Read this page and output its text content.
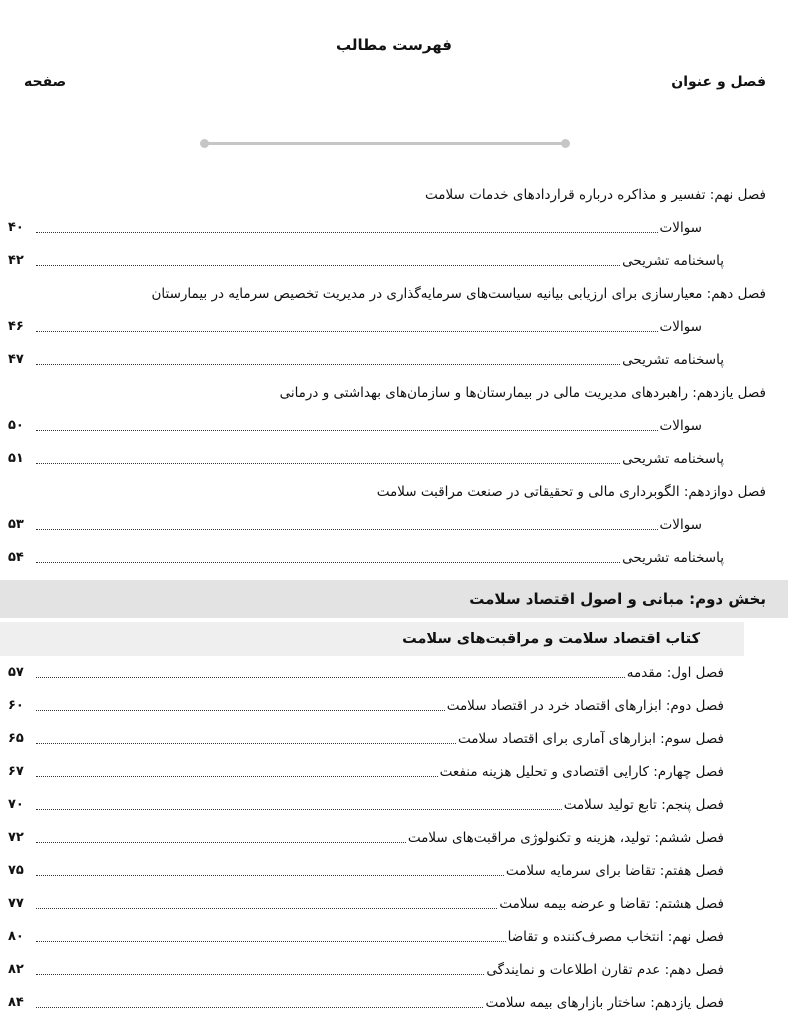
فهرست مطالب
فصل و عنوان
صفحه
فصل نهم: تفسیر و مذاکره درباره قراردادهای خدمات سلامت
سوالات
۴۰
پاسخنامه تشریحی
۴۲
فصل دهم: معیارسازی برای ارزیابی بیانیه سیاست‌های سرمایه‌گذاری در مدیریت تخصیص سرمایه در بیمارستان
سوالات
۴۶
پاسخنامه تشریحی
۴۷
فصل یازدهم: راهبردهای مدیریت مالی در بیمارستان‌ها و سازمان‌های بهداشتی و درمانی
سوالات
۵۰
پاسخنامه تشریحی
۵۱
فصل دوازدهم: الگوبرداری مالی و تحقیقاتی در صنعت مراقبت سلامت
سوالات
۵۳
پاسخنامه تشریحی
۵۴
بخش دوم: مبانی و اصول اقتصاد سلامت
کتاب اقتصاد سلامت و مراقبت‌های سلامت
فصل اول: مقدمه
۵۷
فصل دوم: ابزارهای اقتصاد خرد در اقتصاد سلامت
۶۰
فصل سوم: ابزارهای آماری برای اقتصاد سلامت
۶۵
فصل چهارم: کارایی اقتصادی و تحلیل هزینه منفعت
۶۷
فصل پنجم: تابع تولید سلامت
۷۰
فصل ششم: تولید، هزینه و تکنولوژی مراقبت‌های سلامت
۷۲
فصل هفتم: تقاضا برای سرمایه سلامت
۷۵
فصل هشتم: تقاضا و عرضه بیمه سلامت
۷۷
فصل نهم: انتخاب مصرف‌کننده و تقاضا
۸۰
فصل دهم: عدم تقارن اطلاعات و نمایندگی
۸۲
فصل یازدهم: ساختار بازارهای بیمه سلامت
۸۴
